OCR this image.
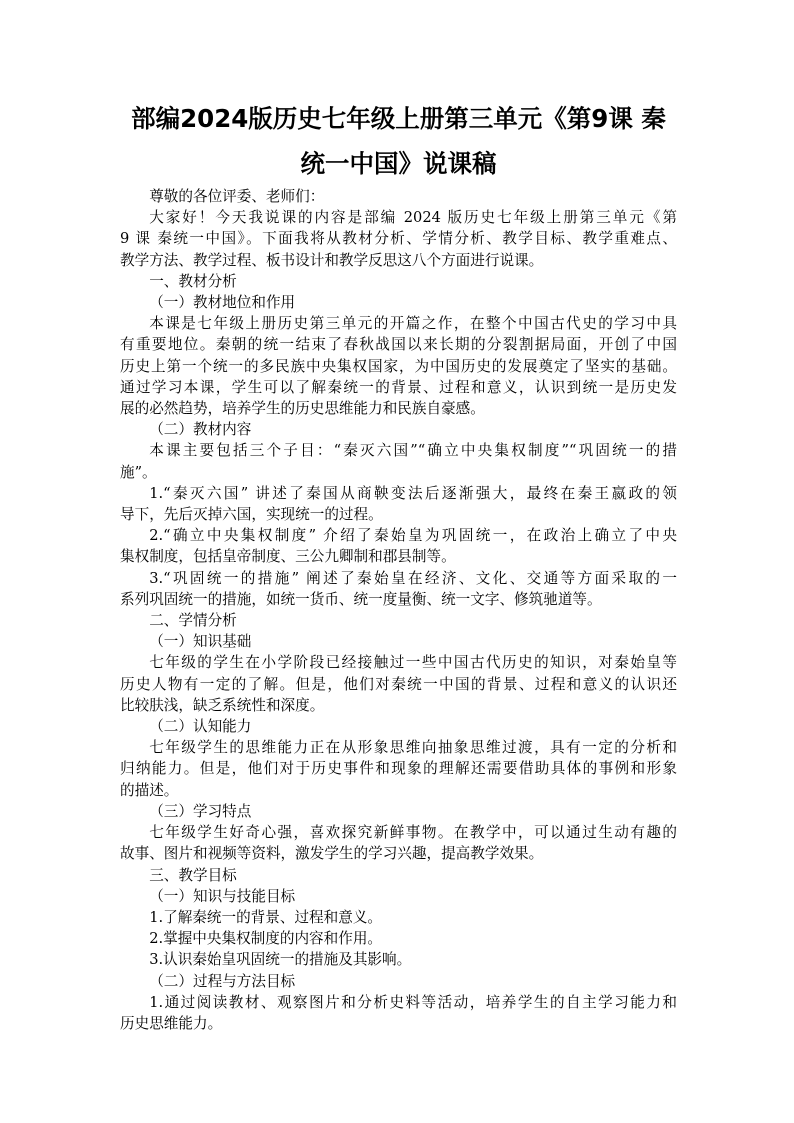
部编2024版历史七年级上册第三单元《第9课 秦
统一中国》说课稿

尊敬的各位评委、老师们：

大家好！今天我说课的内容是部编 2024 版历史七年级上册第三单元《第
9 课 秦统一中国》。下面我将从教材分析、学情分析、教学目标、教学重难点、
教学方法、教学过程、板书设计和教学反思这八个方面进行说课。

一、教材分析

（一）教材地位和作用

本课是七年级上册历史第三单元的开篇之作，在整个中国古代史的学习中具
有重要地位。秦朝的统一结束了春秋战国以来长期的分裂割据局面，开创了中国
历史上第一个统一的多民族中央集权国家，为中国历史的发展奠定了坚实的基础。
通过学习本课，学生可以了解秦统一的背景、过程和意义，认识到统一是历史发
展的必然趋势，培养学生的历史思维能力和民族自豪感。

（二）教材内容

本课主要包括三个子目：“秦灭六国”“确立中央集权制度”“巩固统一的措
施”。

1.“秦灭六国” 讲述了秦国从商鞅变法后逐渐强大，最终在秦王嬴政的领
导下，先后灭掉六国，实现统一的过程。

2.“确立中央集权制度” 介绍了秦始皇为巩固统一，在政治上确立了中央
集权制度，包括皇帝制度、三公九卿制和郡县制等。

3.“巩固统一的措施” 阐述了秦始皇在经济、文化、交通等方面采取的一
系列巩固统一的措施，如统一货币、统一度量衡、统一文字、修筑驰道等。

二、学情分析

（一）知识基础

七年级的学生在小学阶段已经接触过一些中国古代历史的知识，对秦始皇等
历史人物有一定的了解。但是，他们对秦统一中国的背景、过程和意义的认识还
比较肤浅，缺乏系统性和深度。

（二）认知能力

七年级学生的思维能力正在从形象思维向抽象思维过渡，具有一定的分析和
归纳能力。但是，他们对于历史事件和现象的理解还需要借助具体的事例和形象
的描述。

（三）学习特点

七年级学生好奇心强，喜欢探究新鲜事物。在教学中，可以通过生动有趣的
故事、图片和视频等资料，激发学生的学习兴趣，提高教学效果。

三、教学目标

（一）知识与技能目标

1.了解秦统一的背景、过程和意义。

2.掌握中央集权制度的内容和作用。

3.认识秦始皇巩固统一的措施及其影响。

（二）过程与方法目标

1.通过阅读教材、观察图片和分析史料等活动，培养学生的自主学习能力和
历史思维能力。
